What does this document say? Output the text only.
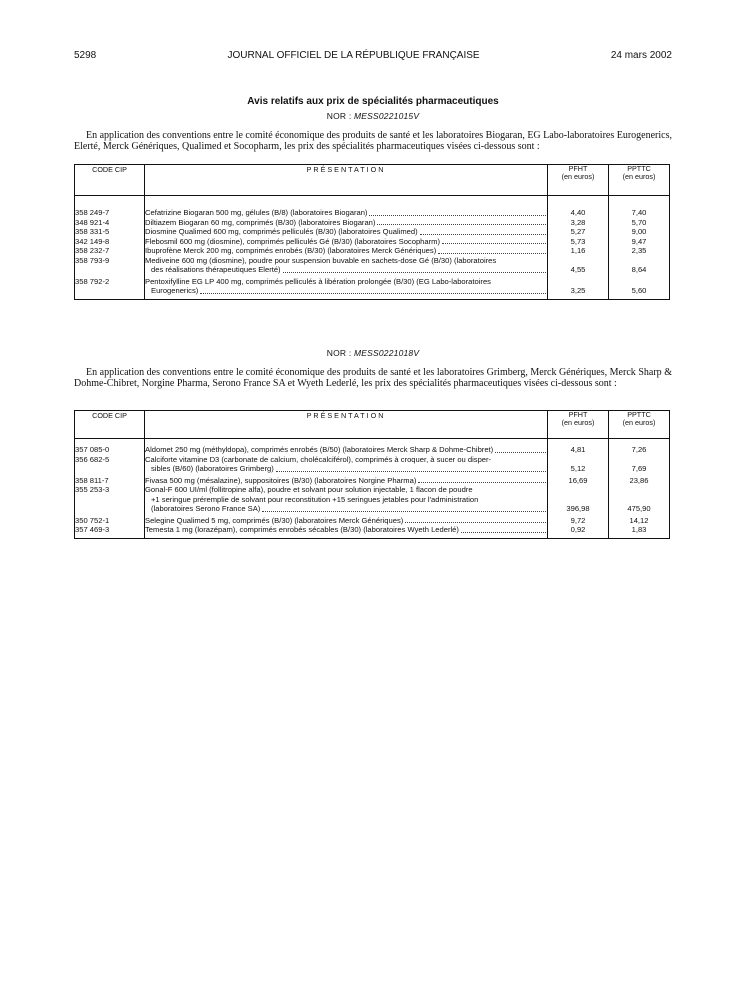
5298	JOURNAL OFFICIEL DE LA RÉPUBLIQUE FRANÇAISE	24 mars 2002
Avis relatifs aux prix de spécialités pharmaceutiques
NOR : MESS0221015V
En application des conventions entre le comité économique des produits de santé et les laboratoires Biogaran, EG Labo-laboratoires Eurogenerics, Elerté, Merck Génériques, Qualimed et Socopharm, les prix des spécialités pharmaceutiques visées ci-dessous sont :
CODE CIP	PRÉSENTATION	PFHT
(en euros)	PPTTC
(en euros)

358 249-7	Cefatrizine Biogaran 500 mg, gélules (B/8) (laboratoires Biogaran)	4,40	7,40
348 921-4	Diltiazem Biogaran 60 mg, comprimés (B/30) (laboratoires Biogaran)	3,28	5,70
358 331-5	Diosmine Qualimed 600 mg, comprimés pelliculés (B/30) (laboratoires Qualimed)	5,27	9,00
342 149-8	Flebosmil 600 mg (diosmine), comprimés pelliculés Gé (B/30) (laboratoires Socopharm)	5,73	9,47
358 232-7	Ibuprofène Merck 200 mg, comprimés enrobés (B/30) (laboratoires Merck Génériques)	1,16	2,35
358 793-9	Mediveine 600 mg (diosmine), poudre pour suspension buvable en sachets-dose Gé (B/30) (laboratoires
des réalisations thérapeutiques Elerté)	4,55	8,64

358 792-2	Pentoxifylline EG LP 400 mg, comprimés pelliculés à libération prolongée (B/30) (EG Labo-laboratoires
Eurogenerics)	3,25	5,60

NOR : MESS0221018V
En application des conventions entre le comité économique des produits de santé et les laboratoires Grimberg, Merck Génériques, Merck Sharp & Dohme-Chibret, Norgine Pharma, Serono France SA et Wyeth Lederlé, les prix des spécialités pharmaceutiques visées ci-dessous sont :
CODE CIP	PRÉSENTATION	PFHT
(en euros)	PPTTC
(en euros)

357 085-0	Aldomet 250 mg (méthyldopa), comprimés enrobés (B/50) (laboratoires Merck Sharp & Dohme-Chibret)	4,81	7,26
356 682-5	Calciforte vitamine D3 (carbonate de calcium, cholécalciférol), comprimés à croquer, à sucer ou disper-
sibles (B/60) (laboratoires Grimberg)	5,12	7,69

358 811-7	Fivasa 500 mg (mésalazine), suppositoires (B/30) (laboratoires Norgine Pharma)	16,69	23,86
355 253-3	Gonal-F 600 UI/ml (follitropine alfa), poudre et solvant pour solution injectable, 1 flacon de poudre
+1 seringue préremplie de solvant pour reconstitution +15 seringues jetables pour l'administration
(laboratoires Serono France SA)	396,98	475,90

350 752-1	Selegine Qualimed 5 mg, comprimés (B/30) (laboratoires Merck Génériques)	9,72	14,12
357 469-3	Temesta 1 mg (lorazépam), comprimés enrobés sécables (B/30) (laboratoires Wyeth Lederlé)	0,92	1,83
